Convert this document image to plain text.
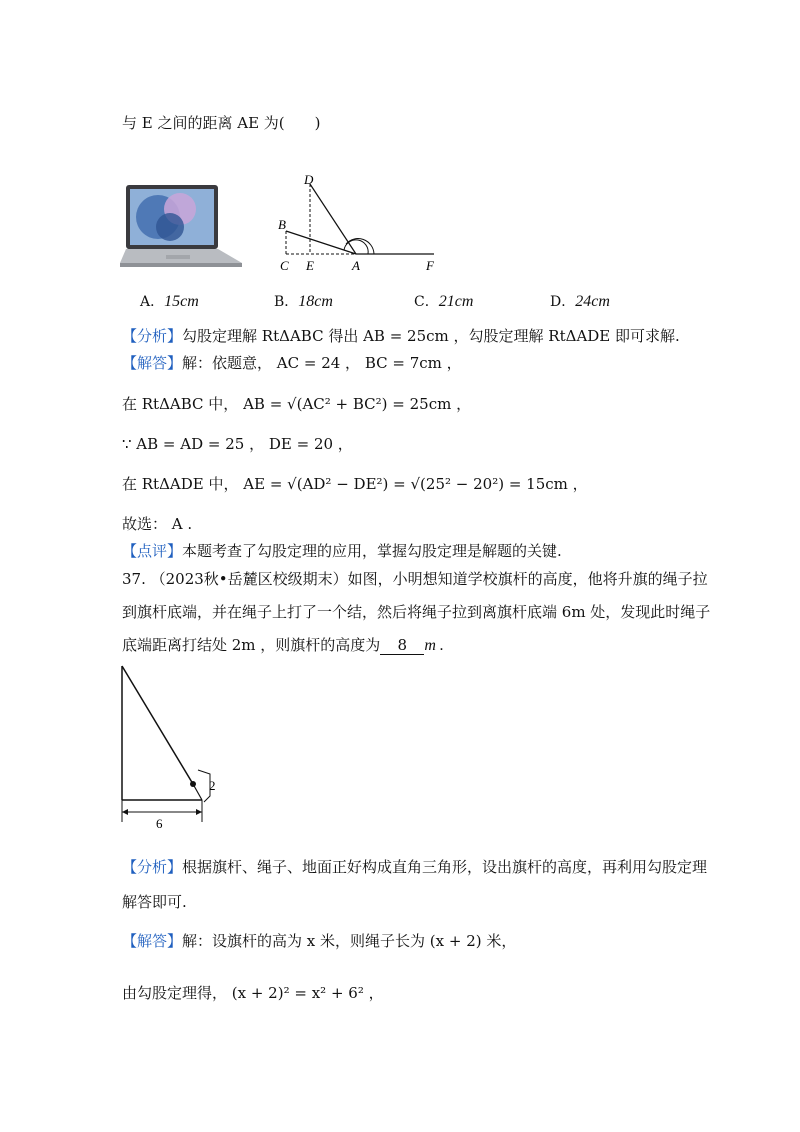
与 E 之间的距离 AE 为(　　)
D
B
C E	A	F
A．15cm	B．18cm	C．21cm	D．24cm
【分析】勾股定理解 RtΔABC 得出 AB = 25cm ，勾股定理解 RtΔADE 即可求解.
【解答】解：依题意， AC = 24 ， BC = 7cm ，
在 RtΔABC 中， AB = √(AC² + BC²) = 25cm ，
∵ AB = AD = 25 ， DE = 20 ，
在 RtΔADE 中， AE = √(AD² − DE²) = √(25² − 20²) = 15cm ，
故选： A .
【点评】本题考查了勾股定理的应用，掌握勾股定理是解题的关键.
37. （2023秋•岳麓区校级期末）如图，小明想知道学校旗杆的高度，他将升旗的绳子拉
到旗杆底端，并在绳子上打了一个结，然后将绳子拉到离旗杆底端 6m 处，发现此时绳子
底端距离打结处 2m ，则旗杆的高度为 8 m .
2
6
【分析】根据旗杆、绳子、地面正好构成直角三角形，设出旗杆的高度，再利用勾股定理
解答即可.
【解答】解：设旗杆的高为 x 米，则绳子长为 (x + 2) 米，
由勾股定理得， (x + 2)² = x² + 6² ，
